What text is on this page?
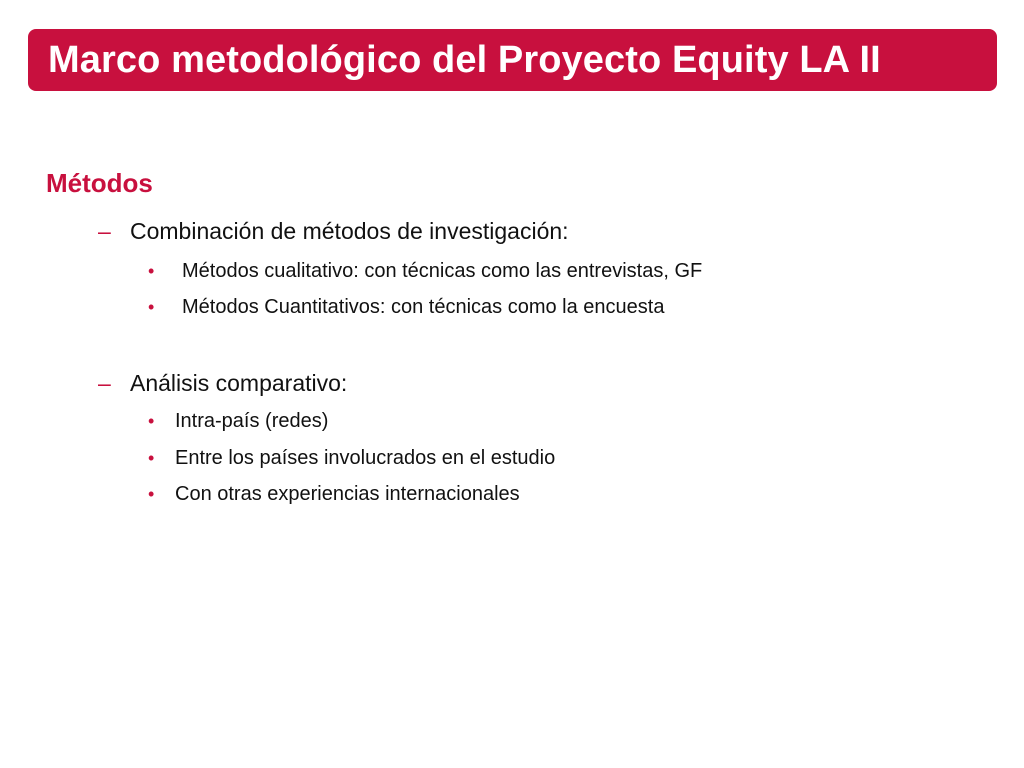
Marco metodológico del Proyecto Equity LA II
Métodos
– Combinación de métodos de investigación:
• Métodos cualitativo: con técnicas como las entrevistas, GF
• Métodos Cuantitativos: con técnicas como la encuesta
– Análisis comparativo:
• Intra-país (redes)
• Entre los países involucrados en el estudio
• Con otras experiencias internacionales
